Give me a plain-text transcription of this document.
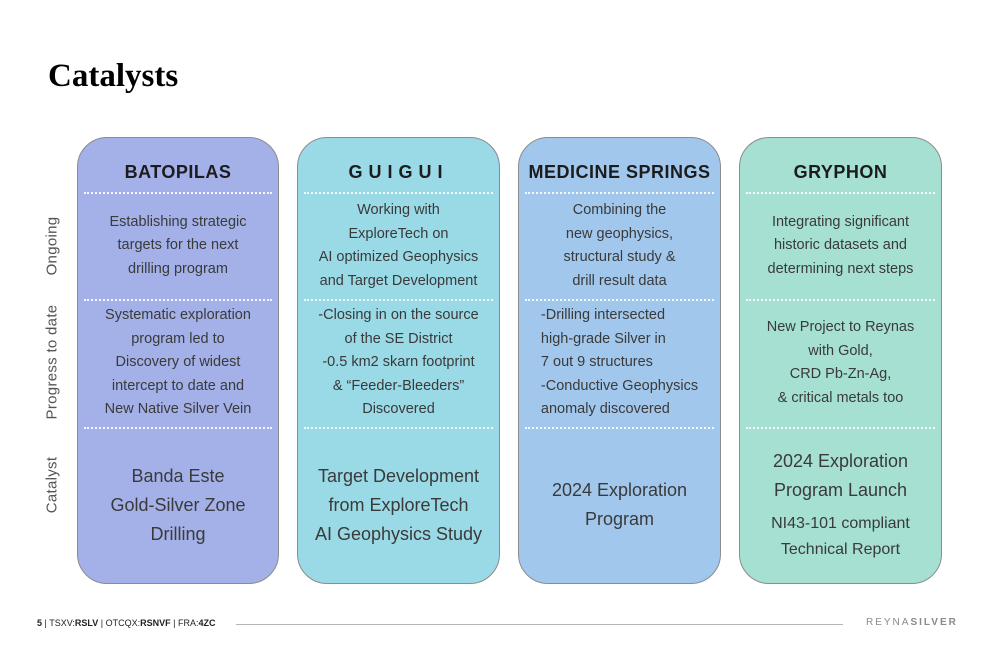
Catalysts
Ongoing
Progress to date
Catalyst
BATOPILAS
Establishing strategic
targets for the next
drilling program
Systematic exploration
program led to
Discovery of widest
intercept to date and
New Native Silver Vein
Banda Este
Gold-Silver Zone
Drilling
GUIGUI
Working with
ExploreTech on
AI optimized Geophysics
and Target Development
-Closing in on the source
of the SE District
-0.5 km2 skarn footprint
& “Feeder-Bleeders”
Discovered
Target Development
from ExploreTech
AI Geophysics Study
MEDICINE SPRINGS
Combining the
new geophysics,
structural study &
drill result data
-Drilling intersected
high-grade Silver in
7 out 9 structures
-Conductive Geophysics
anomaly discovered
2024 Exploration
Program
GRYPHON
Integrating significant
historic datasets and
determining next steps
New Project to Reynas
with Gold,
CRD Pb-Zn-Ag,
& critical metals too
2024 Exploration
Program Launch
NI43-101 compliant
Technical Report
5 | TSXV:RSLV | OTCQX:RSNVF | FRA:4ZC	REYNASILVER
